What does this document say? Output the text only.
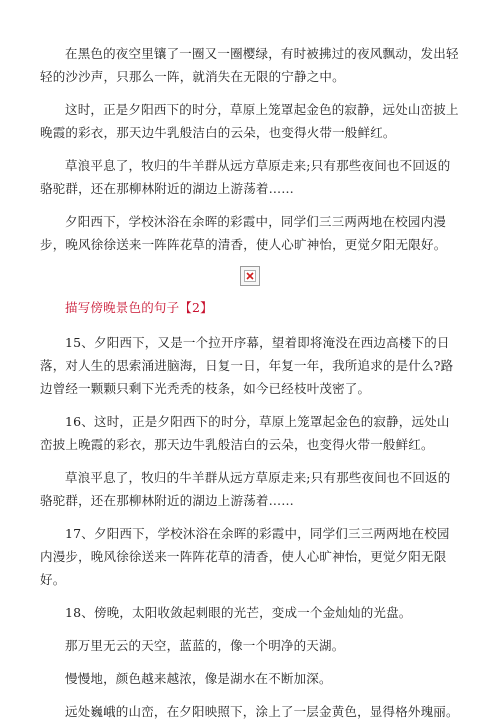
在黑色的夜空里镶了一圈又一圈樱绿，有时被拂过的夜风飘动，发出轻轻的沙沙声，只那么一阵，就消失在无限的宁静之中。

这时，正是夕阳西下的时分，草原上笼罩起金色的寂静，远处山峦披上晚霞的彩衣，那天边牛乳般洁白的云朵，也变得火带一般鲜红。

草浪平息了，牧归的牛羊群从远方草原走来;只有那些夜间也不回返的骆驼群，还在那柳林附近的湖边上游荡着……

夕阳西下，学校沐浴在余晖的彩霞中，同学们三三两两地在校园内漫步，晚风徐徐送来一阵阵花草的清香，使人心旷神怡，更觉夕阳无限好。

描写傍晚景色的句子【2】

15、夕阳西下，又是一个拉开序幕，望着即将淹没在西边高楼下的日落，对人生的思索涌进脑海，日复一日，年复一年，我所追求的是什么?路边曾经一颗颗只剩下光秃秃的枝条，如今已经枝叶茂密了。

16、这时，正是夕阳西下的时分，草原上笼罩起金色的寂静，远处山峦披上晚霞的彩衣，那天边牛乳般洁白的云朵，也变得火带一般鲜红。

草浪平息了，牧归的牛羊群从远方草原走来;只有那些夜间也不回返的骆驼群，还在那柳林附近的湖边上游荡着……

17、夕阳西下，学校沐浴在余晖的彩霞中，同学们三三两两地在校园内漫步，晚风徐徐送来一阵阵花草的清香，使人心旷神怡，更觉夕阳无限好。

18、傍晚，太阳收敛起刺眼的光芒，变成一个金灿灿的光盘。

那万里无云的天空，蓝蓝的，像一个明净的天湖。

慢慢地，颜色越来越浓，像是湖水在不断加深。

远处巍峨的山峦，在夕阳映照下，涂上了一层金黄色，显得格外瑰丽。
